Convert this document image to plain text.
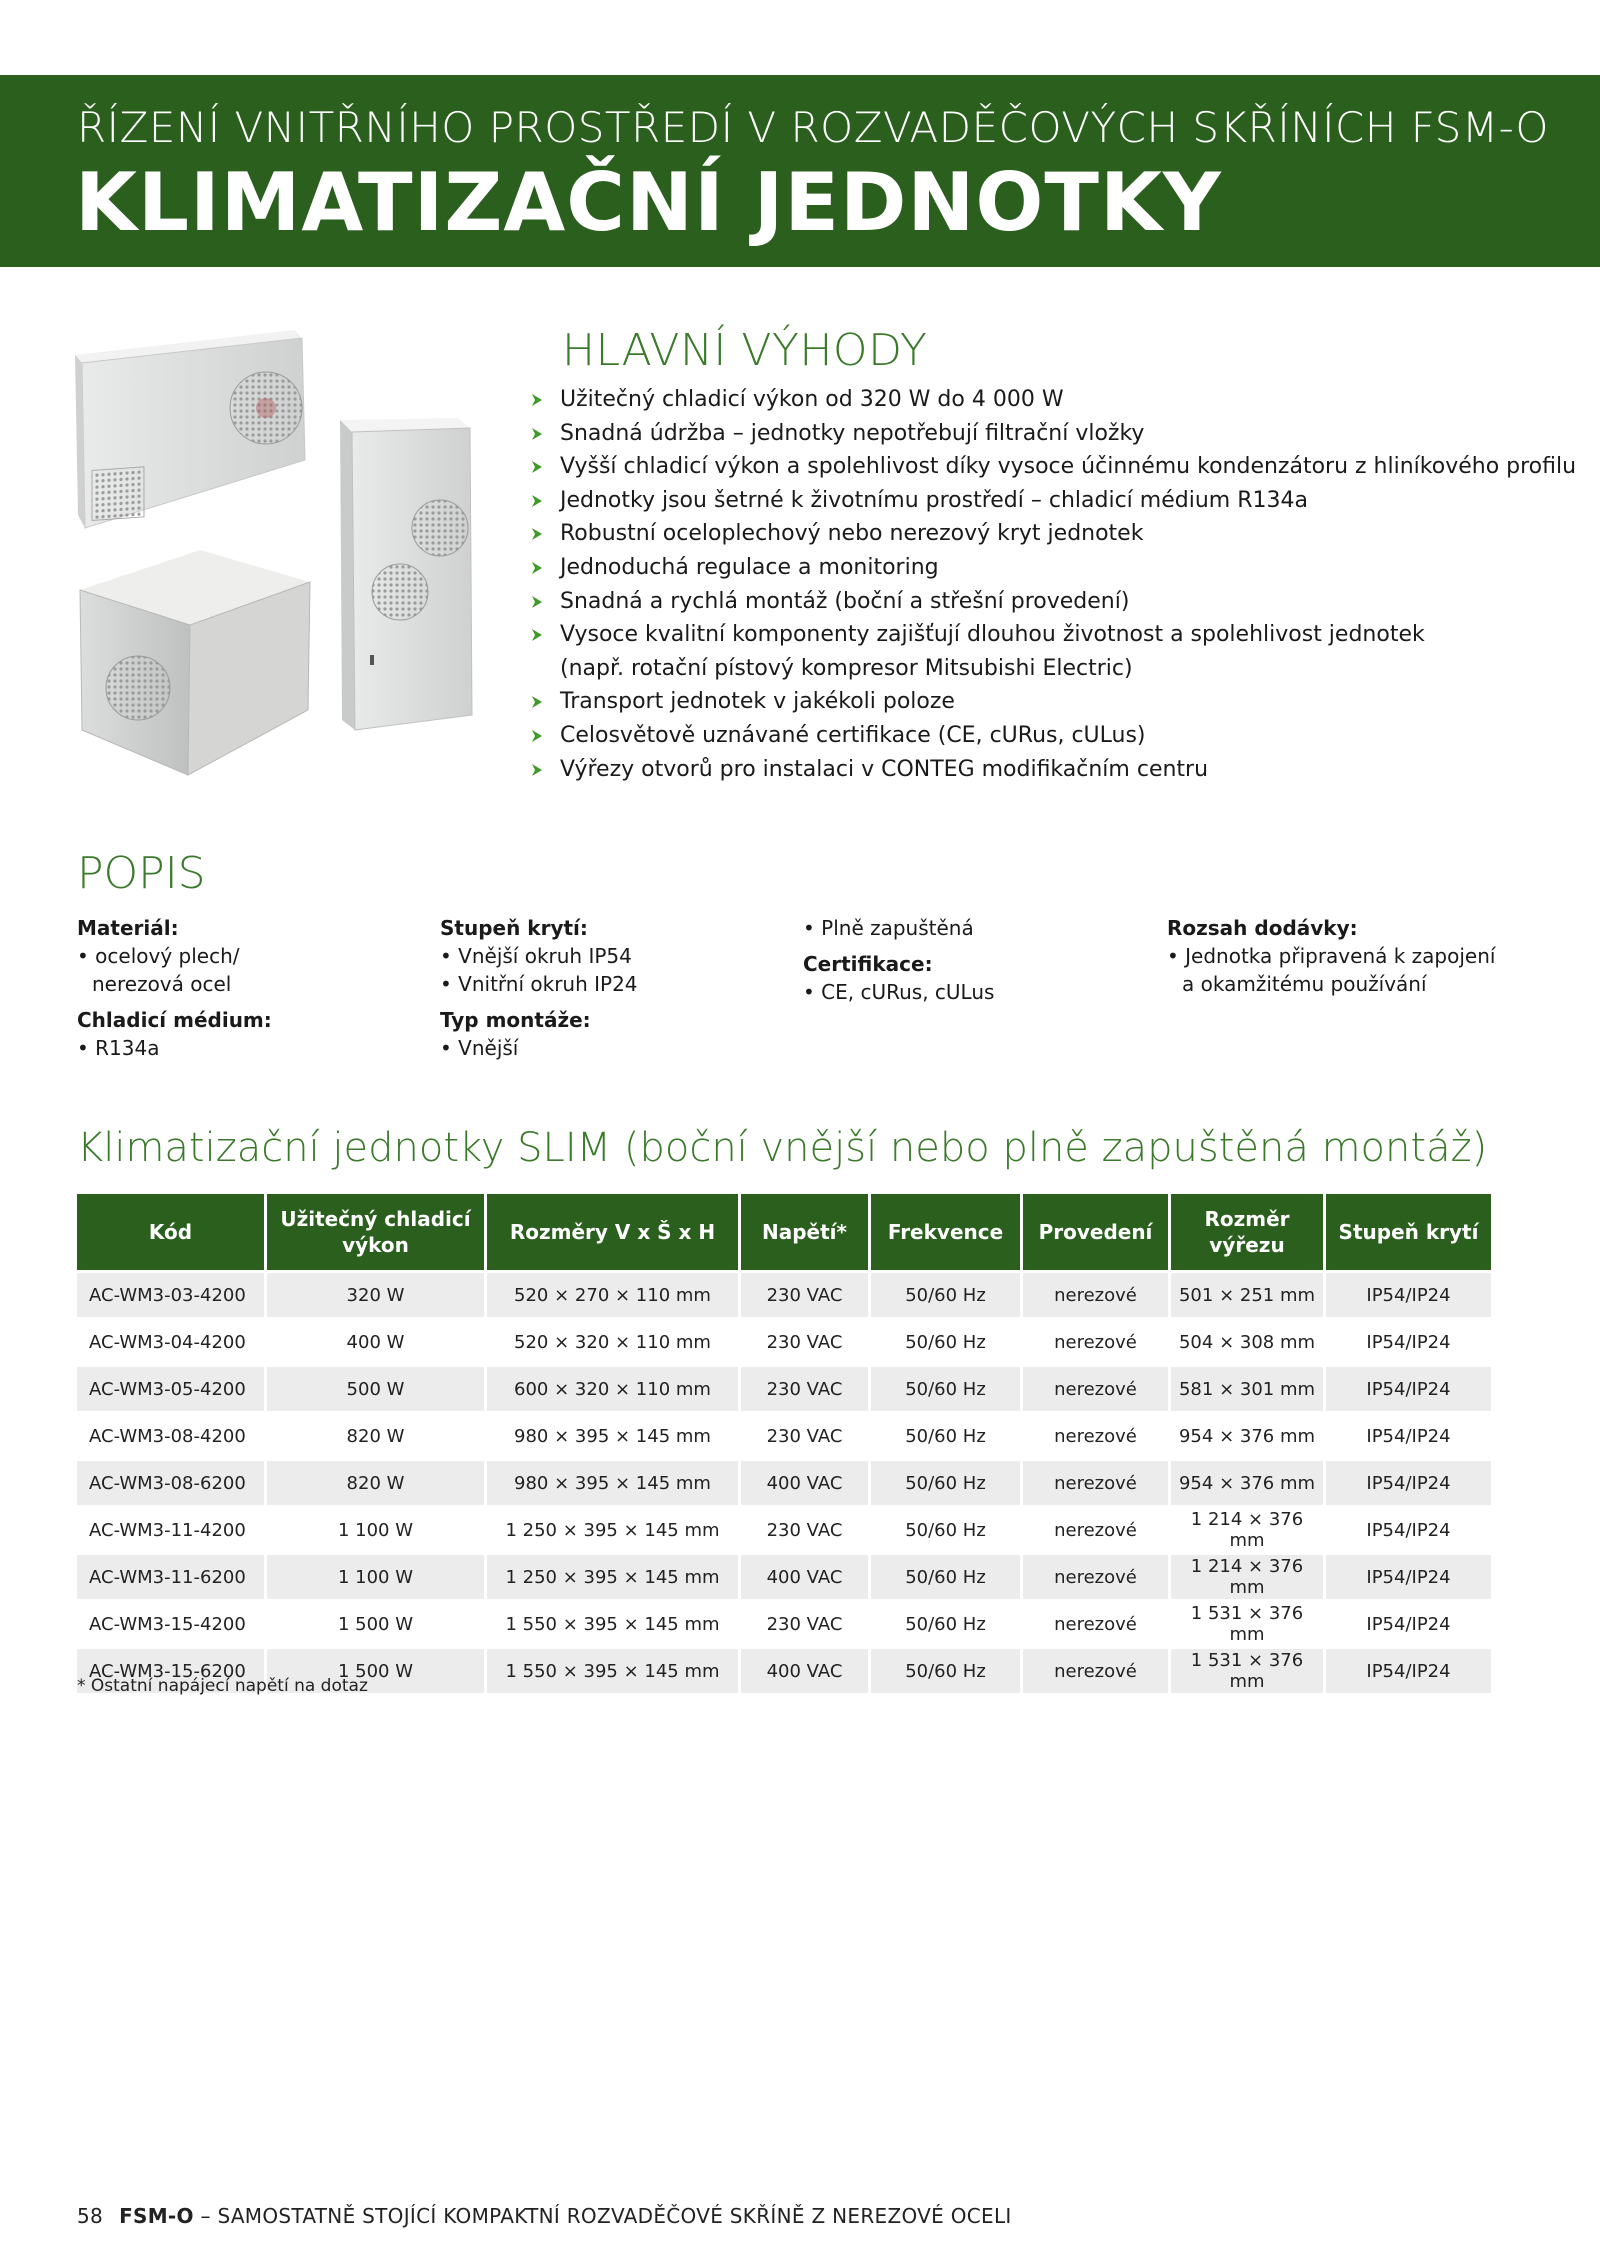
ŘÍZENÍ VNITŘNÍHO PROSTŘEDÍ V ROZVADĚČOVÝCH SKŘÍNÍCH FSM-O
KLIMATIZAČNÍ JEDNOTKY
HLAVNÍ VÝHODY
Užitečný chladicí výkon od 320 W do 4 000 W
Snadná údržba – jednotky nepotřebují filtrační vložky
Vyšší chladicí výkon a spolehlivost díky vysoce účinnému kondenzátoru z hliníkového profilu
Jednotky jsou šetrné k životnímu prostředí – chladicí médium R134a
Robustní oceloplechový nebo nerezový kryt jednotek
Jednoduchá regulace a monitoring
Snadná a rychlá montáž (boční a střešní provedení)
Vysoce kvalitní komponenty zajišťují dlouhou životnost a spolehlivost jednotek
(např. rotační pístový kompresor Mitsubishi Electric)
Transport jednotek v jakékoli poloze
Celosvětově uznávané certifikace (CE, cURus, cULus)
Výřezy otvorů pro instalaci v CONTEG modifikačním centru
POPIS
Materiál:
• ocelový plech/ nerezová ocel
Chladicí médium:
• R134a
Stupeň krytí:
• Vnější okruh IP54
• Vnitřní okruh IP24
Typ montáže:
• Vnější
• Plně zapuštěná
Certifikace:
• CE, cURus, cULus
Rozsah dodávky:
• Jednotka připravená k zapojení a okamžitému používání
Klimatizační jednotky SLIM (boční vnější nebo plně zapuštěná montáž)
Kód	Užitečný chladicí výkon	Rozměry V x Š x H	Napětí*	Frekvence	Provedení	Rozměr výřezu	Stupeň krytí
AC-WM3-03-4200	320 W	520 × 270 × 110 mm	230 VAC	50/60 Hz	nerezové	501 × 251 mm	IP54/IP24
AC-WM3-04-4200	400 W	520 × 320 × 110 mm	230 VAC	50/60 Hz	nerezové	504 × 308 mm	IP54/IP24
AC-WM3-05-4200	500 W	600 × 320 × 110 mm	230 VAC	50/60 Hz	nerezové	581 × 301 mm	IP54/IP24
AC-WM3-08-4200	820 W	980 × 395 × 145 mm	230 VAC	50/60 Hz	nerezové	954 × 376 mm	IP54/IP24
AC-WM3-08-6200	820 W	980 × 395 × 145 mm	400 VAC	50/60 Hz	nerezové	954 × 376 mm	IP54/IP24
AC-WM3-11-4200	1 100 W	1 250 × 395 × 145 mm	230 VAC	50/60 Hz	nerezové	1 214 × 376 mm	IP54/IP24
AC-WM3-11-6200	1 100 W	1 250 × 395 × 145 mm	400 VAC	50/60 Hz	nerezové	1 214 × 376 mm	IP54/IP24
AC-WM3-15-4200	1 500 W	1 550 × 395 × 145 mm	230 VAC	50/60 Hz	nerezové	1 531 × 376 mm	IP54/IP24
AC-WM3-15-6200	1 500 W	1 550 × 395 × 145 mm	400 VAC	50/60 Hz	nerezové	1 531 × 376 mm	IP54/IP24
* Ostatní napájecí napětí na dotaz
58 FSM-O – SAMOSTATNĚ STOJÍCÍ KOMPAKTNÍ ROZVADĚČOVÉ SKŘÍNĚ Z NEREZOVÉ OCELI
